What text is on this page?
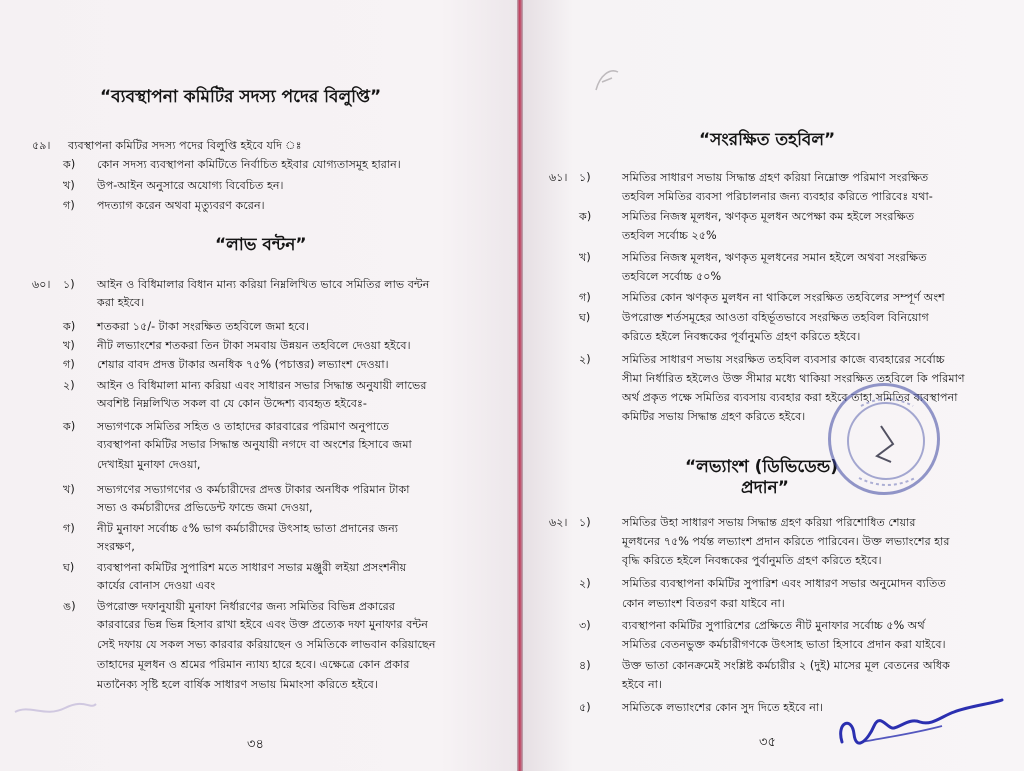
“ব্যবস্থাপনা কমিটির সদস্য পদের বিলুপ্তি”
৫৯। ব্যবস্থাপনা কমিটির সদস্য পদের বিলুপ্তি হইবে যদি ঃ
ক) কোন সদস্য ব্যবস্থাপনা কমিটিতে নির্বাচিত হইবার যোগ্যতাসমূহ হারান।
খ) উপ-আইন অনুসারে অযোগ্য বিবেচিত হন।
গ) পদত্যাগ করেন অথবা মৃত্যুবরণ করেন।
“লাভ বন্টন”
৬০। ১) আইন ও বিধিমালার বিধান মান্য করিয়া নিম্নলিখিত ভাবে সমিতির লাভ বন্টন
করা হইবে।
ক) শতকরা ১৫/- টাকা সংরক্ষিত তহবিলে জমা হবে।
খ) নীট লভ্যাংশের শতকরা তিন টাকা সমবায় উন্নয়ন তহবিলে দেওয়া হইবে।
গ) শেয়ার বাবদ প্রদত্ত টাকার অনধিক ৭৫% (পচাত্তর) লভ্যাংশ দেওয়া।
২) আইন ও বিধিমালা মান্য করিয়া এবং সাধারন সভার সিদ্ধান্ত অনুযায়ী লাভের
অবশিষ্ট নিম্নলিখিত সকল বা যে কোন উদ্দেশ্য ব্যবহৃত হইবেঃ-
ক) সভ্যগণকে সমিতির সহিত ও তাহাদের কারবারের পরিমাণ অনুপাতে
ব্যবস্থাপনা কমিটির সভার সিদ্ধান্ত অনুযায়ী নগদে বা অংশের হিসাবে জমা
দেখাইয়া মুনাফা দেওয়া,
খ) সভ্যগণের সভ্যাগণের ও কর্মচারীদের প্রদত্ত টাকার অনধিক পরিমান টাকা
সভ্য ও কর্মচারীদের প্রভিডেন্ট ফান্ডে জমা দেওয়া,
গ) নীট মুনাফা সর্বোচ্চ ৫% ভাগ কর্মচারীদের উৎসাহ ভাতা প্রদানের জন্য
সংরক্ষণ,
ঘ) ব্যবস্থাপনা কমিটির সুপারিশ মতে সাধারণ সভার মঞ্জুরী লইয়া প্রসংশনীয়
কার্যের বোনাস দেওয়া এবং
ঙ) উপরোক্ত দফানুযায়ী মুনাফা নির্ধারণের জন্য সমিতির বিভিন্ন প্রকারের
কারবারের ভিন্ন ভিন্ন হিসাব রাখা হইবে এবং উক্ত প্রত্যেক দফা মুনাফার বন্টন
সেই দফায় যে সকল সভ্য কারবার করিয়াছেন ও সমিতিকে লাভবান করিয়াছেন
তাহাদের মূলধন ও শ্রমের পরিমান ন্যায্য হারে হবে। এক্ষেত্রে কোন প্রকার
মতানৈক্য সৃষ্টি হলে বার্ষিক সাধারণ সভায় মিমাংসা করিতে হইবে।
৩৪
“সংরক্ষিত তহবিল”
৬১। ১)	সমিতির সাধারণ সভায় সিদ্ধান্ত গ্রহণ করিয়া নিম্নোক্ত পরিমাণ সংরক্ষিত
তহবিল সমিতির ব্যবসা পরিচালনার জন্য ব্যবহার করিতে পারিবেঃ যথা-
ক)	সমিতির নিজস্ব মূলধন, ঋণকৃত মূলধন অপেক্ষা কম হইলে সংরক্ষিত
তহবিল সর্বোচ্চ ২৫%
খ)	সমিতির নিজস্ব মূলধন, ঋণকৃত মূলধনের সমান হইলে অথবা সংরক্ষিত
তহবিলে সর্বোচ্চ ৫০%
গ)	সমিতির কোন ঋণকৃত মুলধন না থাকিলে সংরক্ষিত তহবিলের সম্পূর্ণ অংশ
ঘ)	উপরোক্ত শর্তসমূহের আওতা বহির্ভূতভাবে সংরক্ষিত তহবিল বিনিয়োগ
করিতে হইলে নিবন্ধকের পূর্বানুমতি গ্রহণ করিতে হইবে।
২)	সমিতির সাধারণ সভায় সংরক্ষিত তহবিল ব্যবসার কাজে ব্যবহারের সর্বোচ্চ
সীমা নির্ধারিত হইলেও উক্ত সীমার মধ্যে থাকিয়া সংরক্ষিত তহবিলে কি পরিমাণ
অর্থ প্রকৃত পক্ষে সমিতির ব্যবসায় ব্যবহার করা হইবে তাহা সমিতির ব্যবস্থাপনা
কমিটির সভায় সিদ্ধান্ত গ্রহণ করিতে হইবে।
“লভ্যাংশ (ডিভিডেন্ড)
প্রদান”
৬২। ১)	সমিতির উহা সাধারণ সভায় সিদ্ধান্ত গ্রহণ করিয়া পরিশোধিত শেয়ার
মূলধনের ৭৫% পর্যন্ত লভ্যাংশ প্রদান করিতে পারিবেন। উক্ত লভ্যাংশের হার
বৃদ্ধি করিতে হইলে নিবন্ধকের পুর্বানুমতি গ্রহণ করিতে হইবে।
২)	সমিতির ব্যবস্থাপনা কমিটির সুপারিশ এবং সাধারণ সভার অনুমোদন ব্যতিত
কোন লভ্যাংশ বিতরণ করা যাইবে না।
৩)	ব্যবস্থাপনা কমিটির সুপারিশের প্রেক্ষিতে নীট মুনাফার সর্বোচ্চ ৫% অর্থ
সমিতির বেতনভুক্ত কর্মচারীগণকে উৎসাহ ভাতা হিসাবে প্রদান করা যাইবে।
৪)	উক্ত ভাতা কোনক্রমেই সংশ্লিষ্ট কর্মচারীর ২ (দুই) মাসের মূল বেতনের অধিক
হইবে না।
৫)	সমিতিকে লভ্যাংশের কোন সুদ দিতে হইবে না।
৩৫
